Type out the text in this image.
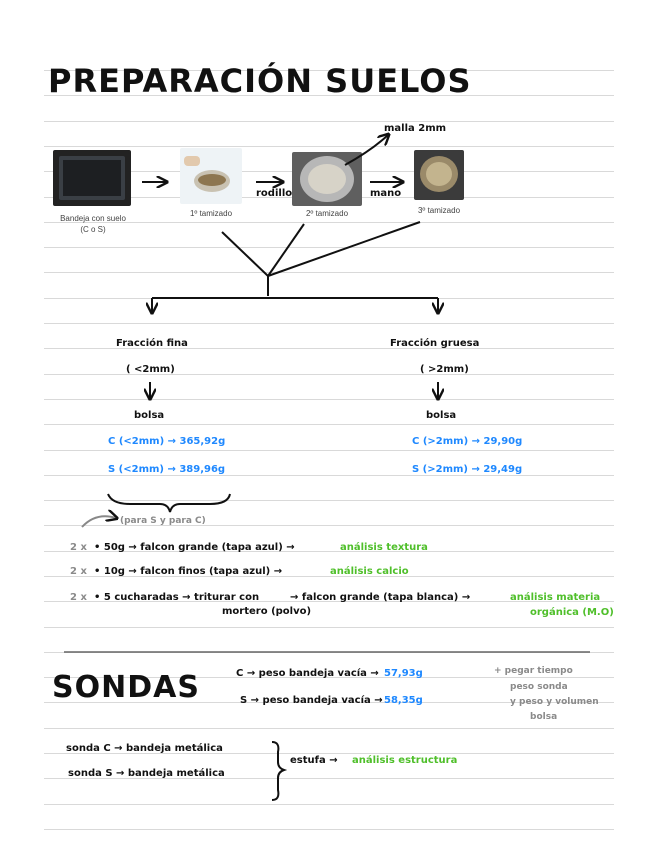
PREPARACIÓN SUELOS
Bandeja con suelo
(C o S)
1º tamizado	2º tamizado	3º tamizado
rodillo	mano
malla 2mm
Fracción fina
( <2mm)
bolsa
C (<2mm) → 365,92g
S (<2mm) → 389,96g
Fracción gruesa
( >2mm)
bolsa
C (>2mm) → 29,90g
S (>2mm) → 29,49g
(para S y para C)
2 x • 50g → falcon grande (tapa azul) →	análisis textura
2 x • 10g → falcon finos (tapa azul) →	análisis calcio
2 x • 5 cucharadas → triturar con
mortero (polvo)
→ falcon grande (tapa blanca) →	análisis materia
orgánica (M.O)
SONDAS	C → peso bandeja vacía → 57,93g
S → peso bandeja vacía → 58,35g
+ pegar tiempo
peso sonda
y peso y volumen
bolsa
sonda C → bandeja metálica
sonda S → bandeja metálica
estufa → análisis estructura
